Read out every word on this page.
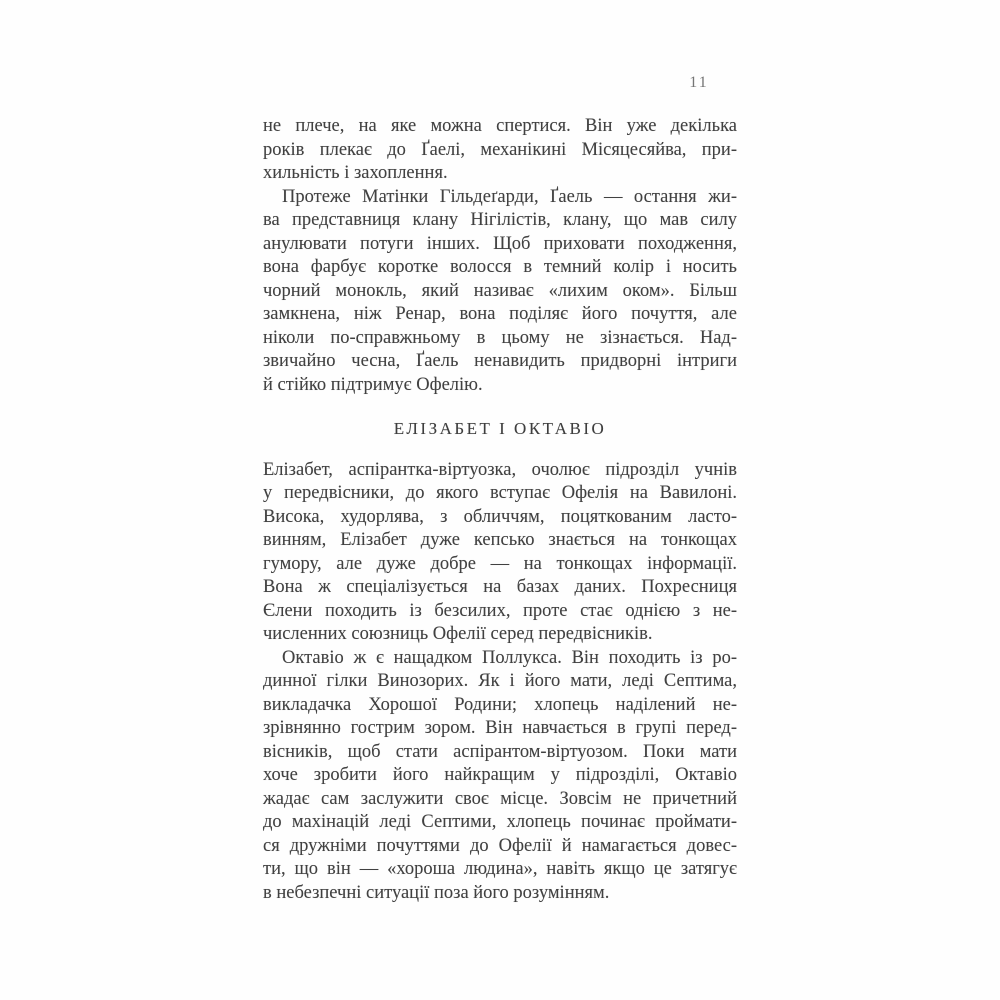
11
не плече, на яке можна спертися. Він уже декілька
років плекає до Ґаелі, механікині Місяцесяйва, при-
хильність і захоплення.
Протеже Матінки Гільдеґарди, Ґаель — остання жи-
ва представниця клану Нігілістів, клану, що мав силу
анулювати потуги інших. Щоб приховати походження,
вона фарбує коротке волосся в темний колір і носить
чорний монокль, який називає «лихим оком». Більш
замкнена, ніж Ренар, вона поділяє його почуття, але
ніколи по-справжньому в цьому не зізнається. Над-
звичайно чесна, Ґаель ненавидить придворні інтриги
й стійко підтримує Офелію.
ЕЛІЗАБЕТ І ОКТАВІО
Елізабет, аспірантка-віртуозка, очолює підрозділ учнів
у передвісники, до якого вступає Офелія на Вавилоні.
Висока, худорлява, з обличчям, поцяткованим ласто-
винням, Елізабет дуже кепсько знається на тонкощах
гумору, але дуже добре — на тонкощах інформації.
Вона ж спеціалізується на базах даних. Похресниця
Єлени походить із безсилих, проте стає однією з не-
численних союзниць Офелії серед передвісників.
Октавіо ж є нащадком Поллукса. Він походить із ро-
динної гілки Винозорих. Як і його мати, леді Септима,
викладачка Хорошої Родини; хлопець наділений не-
зрівнянно гострим зором. Він навчається в групі перед-
вісників, щоб стати аспірантом-віртуозом. Поки мати
хоче зробити його найкращим у підрозділі, Октавіо
жадає сам заслужити своє місце. Зовсім не причетний
до махінацій леді Септими, хлопець починає проймати-
ся дружніми почуттями до Офелії й намагається довес-
ти, що він — «хороша людина», навіть якщо це затягує
в небезпечні ситуації поза його розумінням.
